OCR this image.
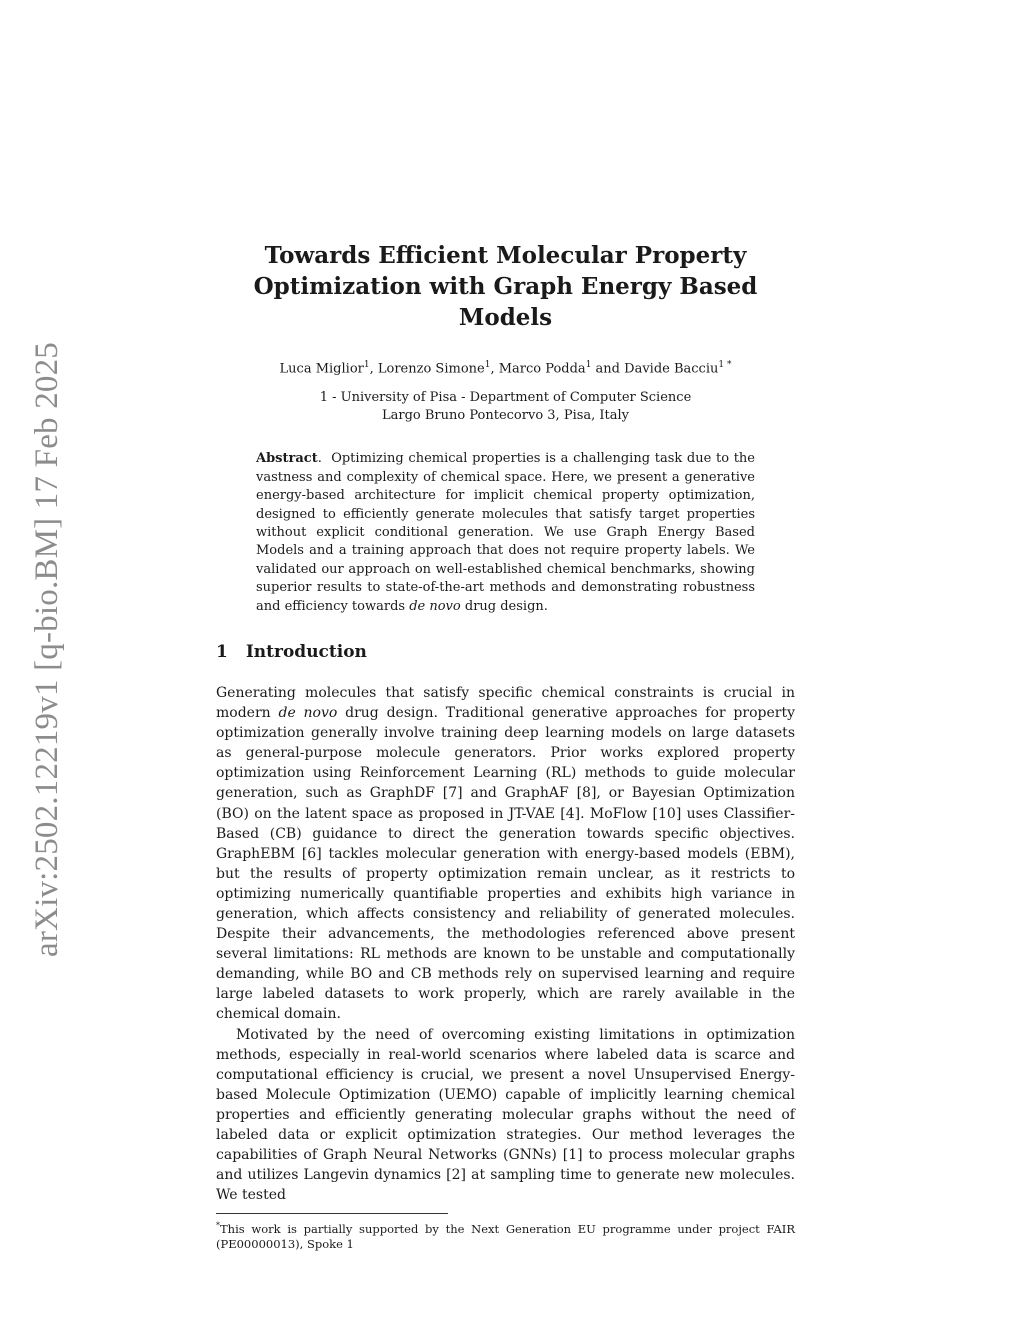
arXiv:2502.12219v1 [q-bio.BM] 17 Feb 2025
Towards Efficient Molecular Property Optimization with Graph Energy Based Models
Luca Miglior$^1$, Lorenzo Simone$^1$, Marco Podda$^1$ and Davide Bacciu$^{1 *}$
1 - University of Pisa - Department of Computer Science
Largo Bruno Pontecorvo 3, Pisa, Italy
Abstract.  Optimizing chemical properties is a challenging task due to the vastness and complexity of chemical space. Here, we present a generative energy-based architecture for implicit chemical property optimization, designed to efficiently generate molecules that satisfy target properties without explicit conditional generation. We use Graph Energy Based Models and a training approach that does not require property labels. We validated our approach on well-established chemical benchmarks, showing superior results to state-of-the-art methods and demonstrating robustness and efficiency towards de novo drug design.
1 Introduction

Generating molecules that satisfy specific chemical constraints is crucial in modern de novo drug design. Traditional generative approaches for property optimization generally involve training deep learning models on large datasets as general-purpose molecule generators. Prior works explored property optimization using Reinforcement Learning (RL) methods to guide molecular generation, such as GraphDF [7] and GraphAF [8], or Bayesian Optimization (BO) on the latent space as proposed in JT-VAE [4]. MoFlow [10] uses Classifier-Based (CB) guidance to direct the generation towards specific objectives. GraphEBM [6] tackles molecular generation with energy-based models (EBM), but the results of property optimization remain unclear, as it restricts to optimizing numerically quantifiable properties and exhibits high variance in generation, which affects consistency and reliability of generated molecules. Despite their advancements, the methodologies referenced above present several limitations: RL methods are known to be unstable and computationally demanding, while BO and CB methods rely on supervised learning and require large labeled datasets to work properly, which are rarely available in the chemical domain.

Motivated by the need of overcoming existing limitations in optimization methods, especially in real-world scenarios where labeled data is scarce and computational efficiency is crucial, we present a novel Unsupervised Energy-based Molecule Optimization (UEMO) capable of implicitly learning chemical properties and efficiently generating molecular graphs without the need of labeled data or explicit optimization strategies. Our method leverages the capabilities of Graph Neural Networks (GNNs) [1] to process molecular graphs and utilizes Langevin dynamics [2] at sampling time to generate new molecules. We tested

*This work is partially supported by the Next Generation EU programme under project FAIR (PE00000013), Spoke 1
